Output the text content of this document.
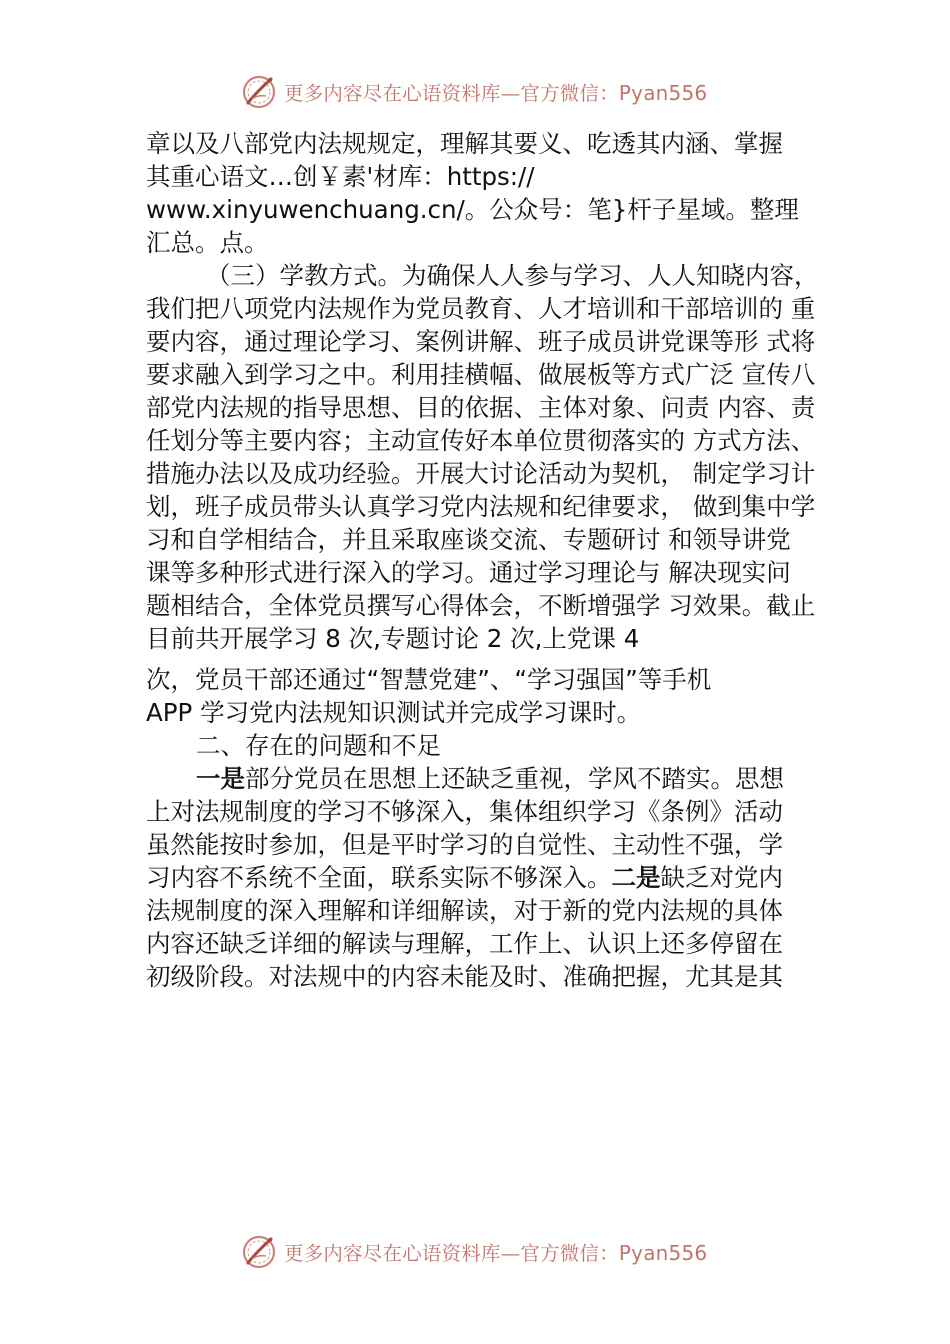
更多内容尽在心语资料库—官方微信：Pyan556

章以及八部党内法规规定，理解其要义、吃透其内涵、掌握

其重心语文…创￥素'材库：https://

www.xinyuwenchuang.cn/。公众号：笔}杆子星域。整理

汇总。点。

（三）学教方式。为确保人人参与学习、人人知晓内容，

我们把八项党内法规作为党员教育、人才培训和干部培训的 重

要内容，通过理论学习、案例讲解、班子成员讲党课等形 式将

要求融入到学习之中。利用挂横幅、做展板等方式广泛 宣传八

部党内法规的指导思想、目的依据、主体对象、问责 内容、责

任划分等主要内容；主动宣传好本单位贯彻落实的 方式方法、

措施办法以及成功经验。开展大讨论活动为契机， 制定学习计

划，班子成员带头认真学习党内法规和纪律要求， 做到集中学

习和自学相结合，并且采取座谈交流、专题研讨 和领导讲党

课等多种形式进行深入的学习。通过学习理论与 解决现实问

题相结合，全体党员撰写心得体会，不断增强学 习效果。截止

目前共开展学习 8 次,专题讨论 2 次,上党课 4

次，党员干部还通过“智慧党建”、“学习强国”等手机

APP 学习党内法规知识测试并完成学习课时。

二、存在的问题和不足

一是部分党员在思想上还缺乏重视，学风不踏实。思想

上对法规制度的学习不够深入，集体组织学习《条例》活动

虽然能按时参加，但是平时学习的自觉性、主动性不强，学

习内容不系统不全面，联系实际不够深入。二是缺乏对党内

法规制度的深入理解和详细解读，对于新的党内法规的具体

内容还缺乏详细的解读与理解，工作上、认识上还多停留在

初级阶段。对法规中的内容未能及时、准确把握，尤其是其

更多内容尽在心语资料库—官方微信：Pyan556
